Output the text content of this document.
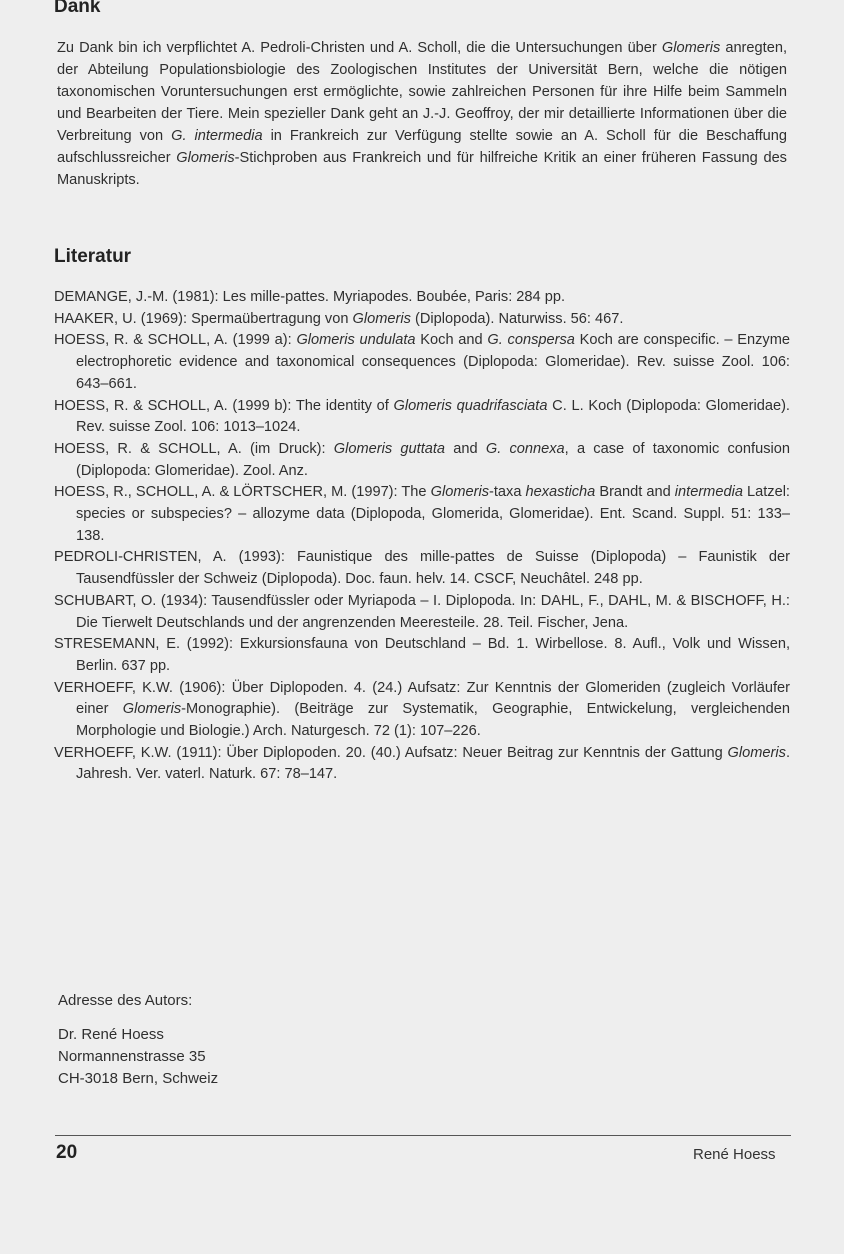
Dank

Zu Dank bin ich verpflichtet A. Pedroli-Christen und A. Scholl, die die Untersuchungen über Glomeris anregten, der Abteilung Populationsbiologie des Zoologischen Institutes der Universität Bern, welche die nötigen taxonomischen Voruntersuchungen erst ermöglichte, sowie zahlreichen Personen für ihre Hilfe beim Sammeln und Bearbeiten der Tiere. Mein spezieller Dank geht an J.-J. Geoffroy, der mir detaillierte Informationen über die Verbreitung von G. intermedia in Frankreich zur Verfügung stellte sowie an A. Scholl für die Beschaffung aufschlussreicher Glomeris-Stichproben aus Frankreich und für hilfreiche Kritik an einer früheren Fassung des Manuskripts.

Literatur
DEMANGE, J.-M. (1981): Les mille-pattes. Myriapodes. Boubée, Paris: 284 pp.
HAAKER, U. (1969): Spermaübertragung von Glomeris (Diplopoda). Naturwiss. 56: 467.
HOESS, R. & SCHOLL, A. (1999 a): Glomeris undulata Koch and G. conspersa Koch are conspecific. – Enzyme electrophoretic evidence and taxonomical consequences (Diplopoda: Glomeridae). Rev. suisse Zool. 106: 643–661.
HOESS, R. & SCHOLL, A. (1999 b): The identity of Glomeris quadrifasciata C. L. Koch (Diplopoda: Glomeridae). Rev. suisse Zool. 106: 1013–1024.
HOESS, R. & SCHOLL, A. (im Druck): Glomeris guttata and G. connexa, a case of taxonomic confusion (Diplopoda: Glomeridae). Zool. Anz.
HOESS, R., SCHOLL, A. & LÖRTSCHER, M. (1997): The Glomeris-taxa hexasticha Brandt and intermedia Latzel: species or subspecies? – allozyme data (Diplopoda, Glomerida, Glomeridae). Ent. Scand. Suppl. 51: 133–138.
PEDROLI-CHRISTEN, A. (1993): Faunistique des mille-pattes de Suisse (Diplopoda) – Faunistik der Tausendfüssler der Schweiz (Diplopoda). Doc. faun. helv. 14. CSCF, Neuchâtel. 248 pp.
SCHUBART, O. (1934): Tausendfüssler oder Myriapoda – I. Diplopoda. In: DAHL, F., DAHL, M. & BISCHOFF, H.: Die Tierwelt Deutschlands und der angrenzenden Meeresteile. 28. Teil. Fischer, Jena.
STRESEMANN, E. (1992): Exkursionsfauna von Deutschland – Bd. 1. Wirbellose. 8. Aufl., Volk und Wissen, Berlin. 637 pp.
VERHOEFF, K.W. (1906): Über Diplopoden. 4. (24.) Aufsatz: Zur Kenntnis der Glomeriden (zugleich Vorläufer einer Glomeris-Monographie). (Beiträge zur Systematik, Geographie, Entwickelung, vergleichenden Morphologie und Biologie.) Arch. Naturgesch. 72 (1): 107–226.
VERHOEFF, K.W. (1911): Über Diplopoden. 20. (40.) Aufsatz: Neuer Beitrag zur Kenntnis der Gattung Glomeris. Jahresh. Ver. vaterl. Naturk. 67: 78–147.
Adresse des Autors:
Dr. René Hoess
Normannenstrasse 35
CH-3018 Bern, Schweiz
20	René Hoess
